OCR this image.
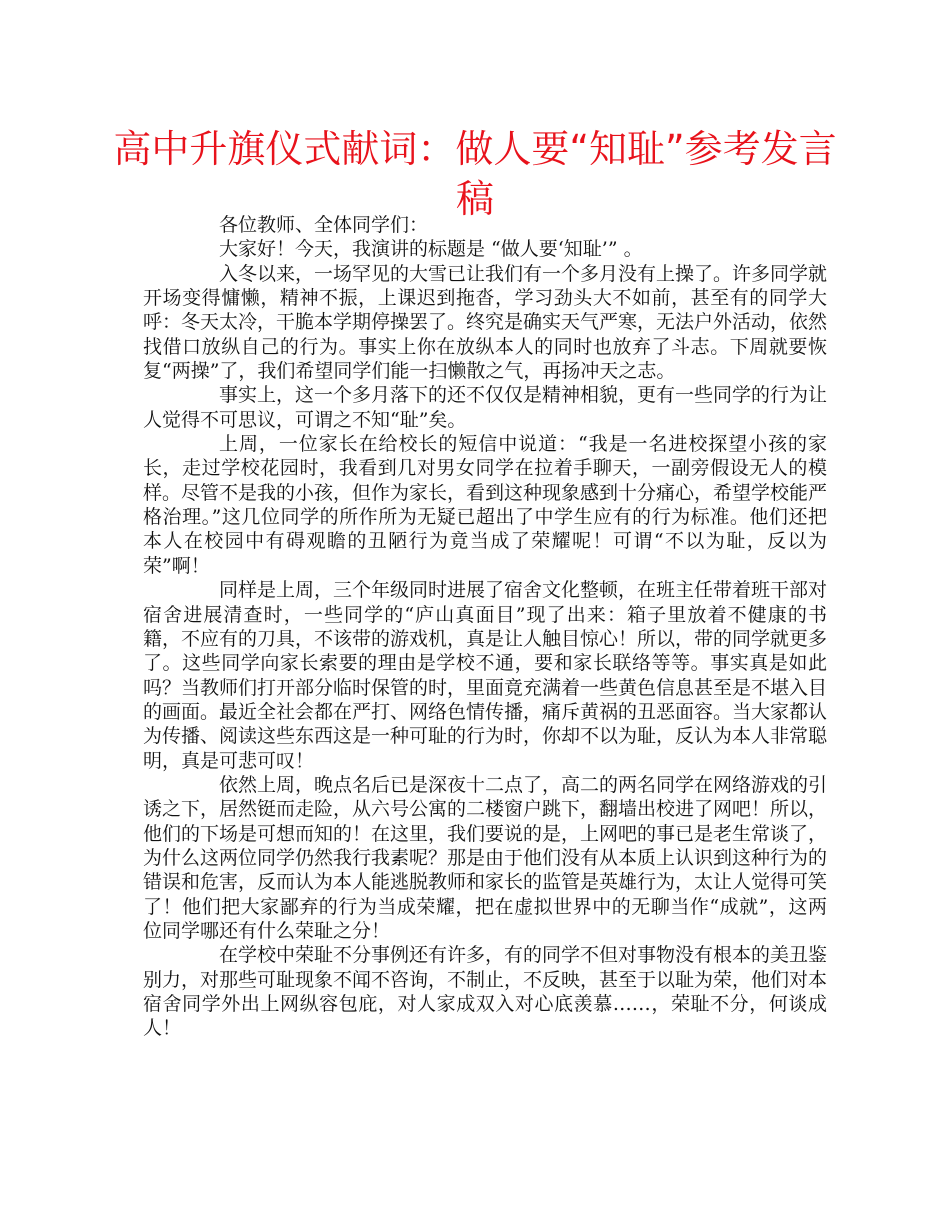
高中升旗仪式献词：做人要“知耻”参考发言稿

各位教师、全体同学们：

大家好！今天，我演讲的标题是 “做人要‘知耻’” 。

入冬以来，一场罕见的大雪已让我们有一个多月没有上操了。许多同学就开场变得慵懒，精神不振，上课迟到拖沓，学习劲头大不如前，甚至有的同学大呼：冬天太冷，干脆本学期停操罢了。终究是确实天气严寒，无法户外活动，依然找借口放纵自己的行为。事实上你在放纵本人的同时也放弃了斗志。下周就要恢复“两操”了，我们希望同学们能一扫懒散之气，再扬冲天之志。

事实上，这一个多月落下的还不仅仅是精神相貌，更有一些同学的行为让人觉得不可思议，可谓之不知“耻”矣。

上周，一位家长在给校长的短信中说道：“我是一名进校探望小孩的家长，走过学校花园时，我看到几对男女同学在拉着手聊天，一副旁假设无人的模样。尽管不是我的小孩，但作为家长，看到这种现象感到十分痛心，希望学校能严格治理。”这几位同学的所作所为无疑已超出了中学生应有的行为标准。他们还把本人在校园中有碍观瞻的丑陋行为竟当成了荣耀呢！可谓“不以为耻，反以为荣”啊！

同样是上周，三个年级同时进展了宿舍文化整顿，在班主任带着班干部对宿舍进展清查时，一些同学的“庐山真面目”现了出来：箱子里放着不健康的书籍，不应有的刀具，不该带的游戏机，真是让人触目惊心！所以，带的同学就更多了。这些同学向家长索要的理由是学校不通，要和家长联络等等。事实真是如此吗？当教师们打开部分临时保管的时，里面竟充满着一些黄色信息甚至是不堪入目的画面。最近全社会都在严打、网络色情传播，痛斥黄祸的丑恶面容。当大家都认为传播、阅读这些东西这是一种可耻的行为时，你却不以为耻，反认为本人非常聪明，真是可悲可叹！

依然上周，晚点名后已是深夜十二点了，高二的两名同学在网络游戏的引诱之下，居然铤而走险，从六号公寓的二楼窗户跳下，翻墙出校进了网吧！所以，他们的下场是可想而知的！在这里，我们要说的是，上网吧的事已是老生常谈了，为什么这两位同学仍然我行我素呢？那是由于他们没有从本质上认识到这种行为的错误和危害，反而认为本人能逃脱教师和家长的监管是英雄行为，太让人觉得可笑了！他们把大家鄙弃的行为当成荣耀，把在虚拟世界中的无聊当作“成就”，这两位同学哪还有什么荣耻之分！

在学校中荣耻不分事例还有许多，有的同学不但对事物没有根本的美丑鉴别力，对那些可耻现象不闻不咨询，不制止，不反映，甚至于以耻为荣，他们对本宿舍同学外出上网纵容包庇，对人家成双入对心底羡慕……，荣耻不分，何谈成人！
